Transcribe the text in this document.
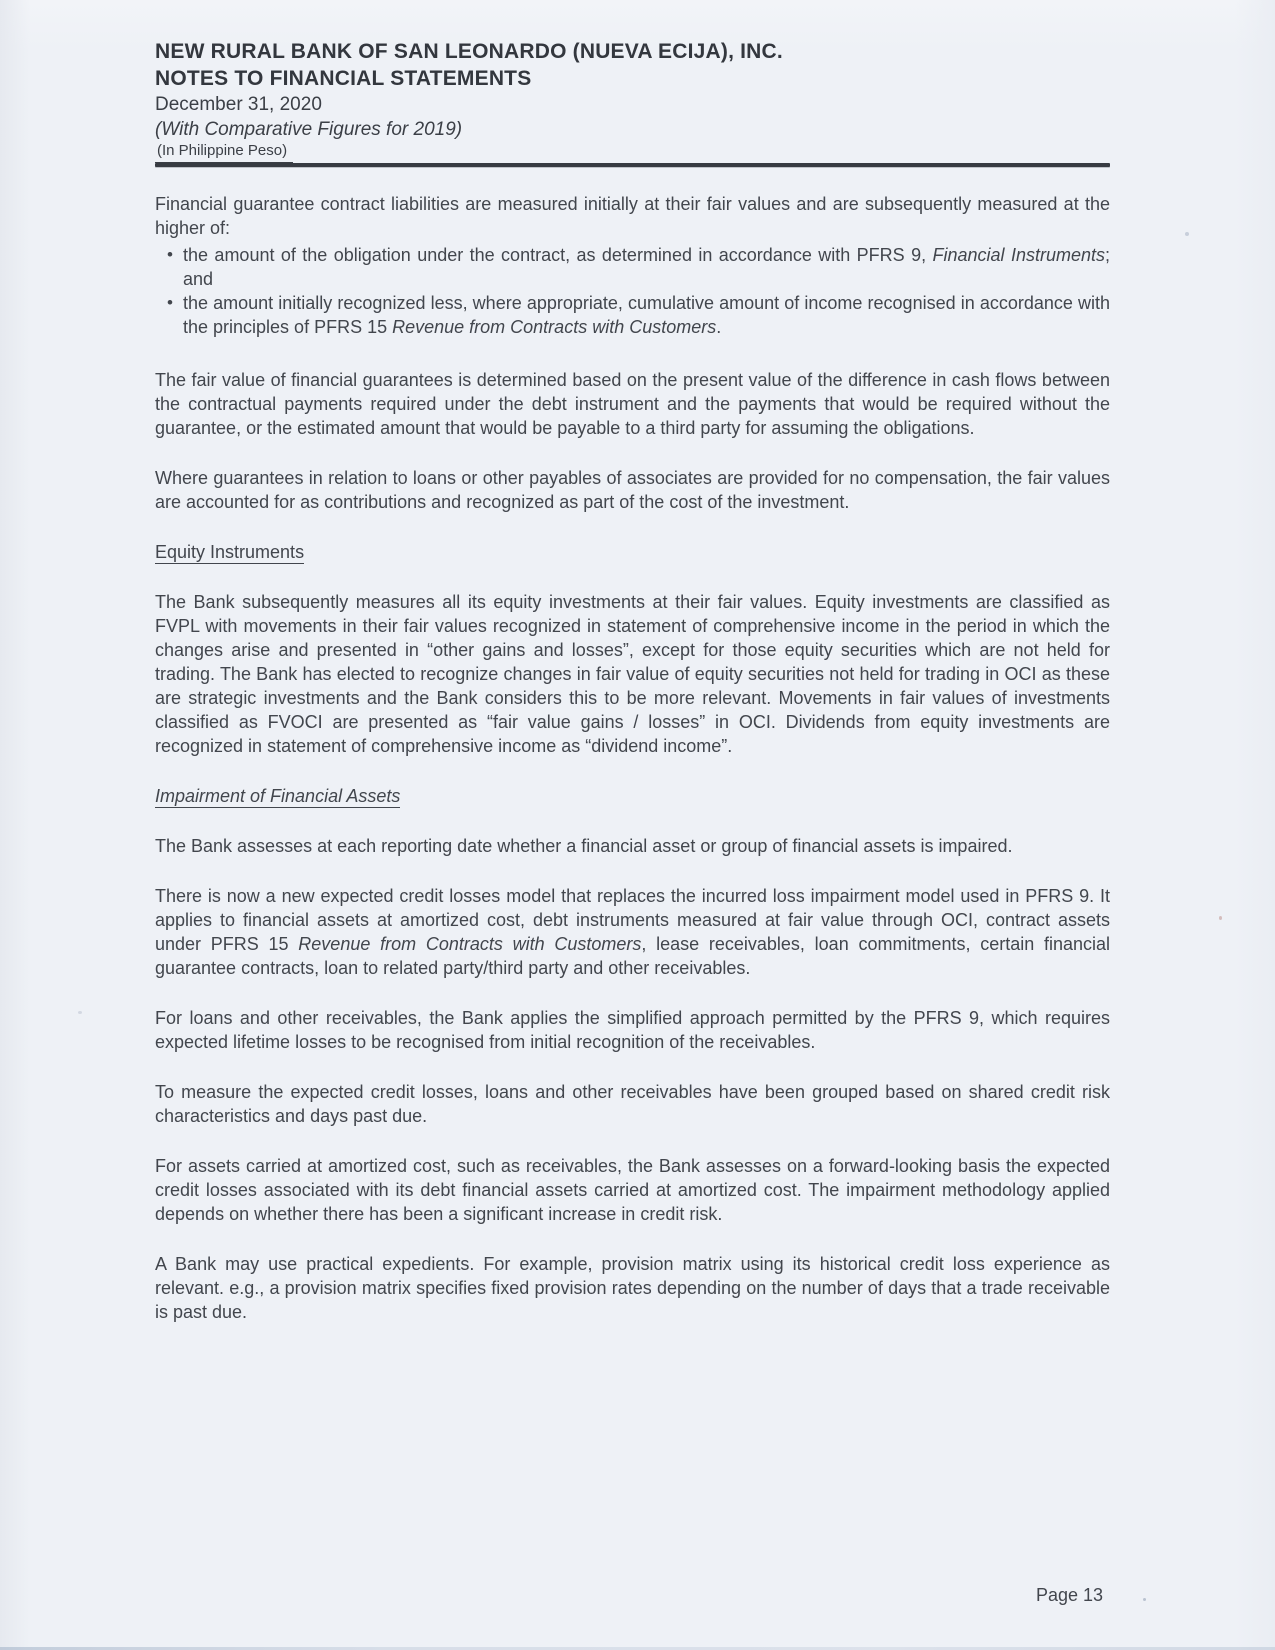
NEW RURAL BANK OF SAN LEONARDO (NUEVA ECIJA), INC.
NOTES TO FINANCIAL STATEMENTS
December 31, 2020
(With Comparative Figures for 2019)
(In Philippine Peso)

Financial guarantee contract liabilities are measured initially at their fair values and are subsequently measured at the higher of:

• the amount of the obligation under the contract, as determined in accordance with PFRS 9, Financial Instruments; and
• the amount initially recognized less, where appropriate, cumulative amount of income recognised in accordance with the principles of PFRS 15 Revenue from Contracts with Customers.

The fair value of financial guarantees is determined based on the present value of the difference in cash flows between the contractual payments required under the debt instrument and the payments that would be required without the guarantee, or the estimated amount that would be payable to a third party for assuming the obligations.

Where guarantees in relation to loans or other payables of associates are provided for no compensation, the fair values are accounted for as contributions and recognized as part of the cost of the investment.

Equity Instruments

The Bank subsequently measures all its equity investments at their fair values. Equity investments are classified as FVPL with movements in their fair values recognized in statement of comprehensive income in the period in which the changes arise and presented in “other gains and losses”, except for those equity securities which are not held for trading. The Bank has elected to recognize changes in fair value of equity securities not held for trading in OCI as these are strategic investments and the Bank considers this to be more relevant. Movements in fair values of investments classified as FVOCI are presented as “fair value gains / losses” in OCI. Dividends from equity investments are recognized in statement of comprehensive income as “dividend income”.

Impairment of Financial Assets

The Bank assesses at each reporting date whether a financial asset or group of financial assets is impaired.

There is now a new expected credit losses model that replaces the incurred loss impairment model used in PFRS 9. It applies to financial assets at amortized cost, debt instruments measured at fair value through OCI, contract assets under PFRS 15 Revenue from Contracts with Customers, lease receivables, loan commitments, certain financial guarantee contracts, loan to related party/third party and other receivables.

For loans and other receivables, the Bank applies the simplified approach permitted by the PFRS 9, which requires expected lifetime losses to be recognised from initial recognition of the receivables.

To measure the expected credit losses, loans and other receivables have been grouped based on shared credit risk characteristics and days past due.

For assets carried at amortized cost, such as receivables, the Bank assesses on a forward-looking basis the expected credit losses associated with its debt financial assets carried at amortized cost. The impairment methodology applied depends on whether there has been a significant increase in credit risk.

A Bank may use practical expedients. For example, provision matrix using its historical credit loss experience as relevant. e.g., a provision matrix specifies fixed provision rates depending on the number of days that a trade receivable is past due.

Page 13
